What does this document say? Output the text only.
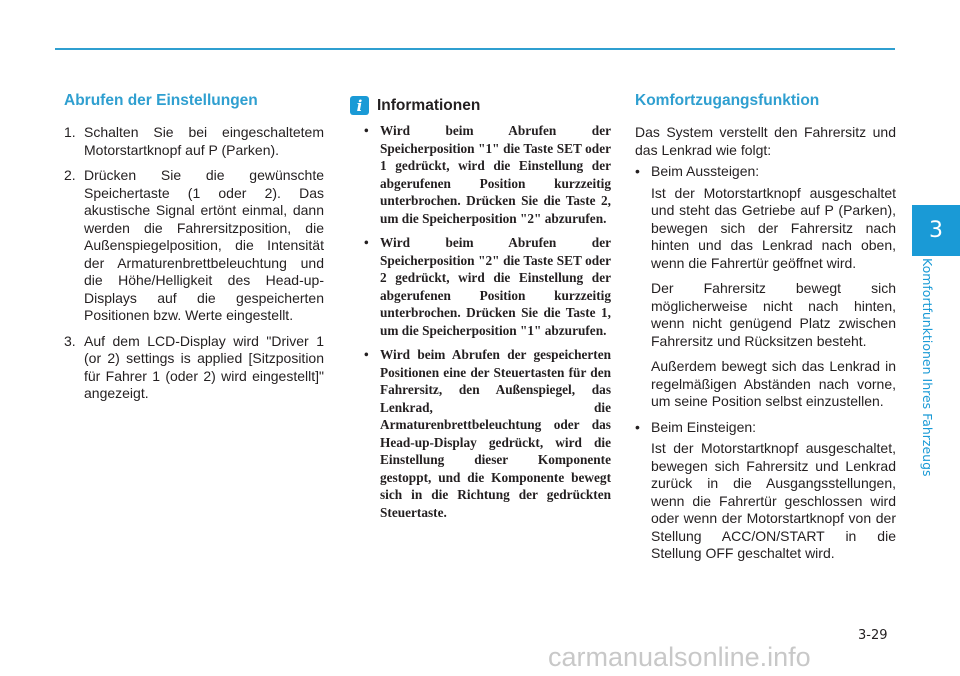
3
Komfortfunktionen Ihres Fahrzeugs
Abrufen der Einstellungen
1. Schalten Sie bei eingeschaltetem Motorstartknopf auf P (Parken).
2. Drücken Sie die gewünschte Speichertaste (1 oder 2). Das akustische Signal ertönt einmal, dann werden die Fahrersitzposition, die Außenspiegelposition, die Intensität der Armaturenbrettbeleuchtung und die Höhe/Helligkeit des Head-up-Displays auf die gespeicherten Positionen bzw. Werte eingestellt.
3. Auf dem LCD-Display wird "Driver 1 (or 2) settings is applied [Sitzposition für Fahrer 1 (oder 2) wird eingestellt]" angezeigt.
i Informationen
• Wird beim Abrufen der Speicherposition "1" die Taste SET oder 1 gedrückt, wird die Einstellung der abgerufenen Position kurzzeitig unterbrochen. Drücken Sie die Taste 2, um die Speicherposition "2" abzurufen.
• Wird beim Abrufen der Speicherposition "2" die Taste SET oder 2 gedrückt, wird die Einstellung der abgerufenen Position kurzzeitig unterbrochen. Drücken Sie die Taste 1, um die Speicherposition "1" abzurufen.
• Wird beim Abrufen der gespeicherten Positionen eine der Steuertasten für den Fahrersitz, den Außenspiegel, das Lenkrad, die Armaturenbrettbeleuchtung oder das Head-up-Display gedrückt, wird die Einstellung dieser Komponente gestoppt, und die Komponente bewegt sich in die Richtung der gedrückten Steuertaste.
Komfortzugangsfunktion

Das System verstellt den Fahrersitz und das Lenkrad wie folgt:

• Beim Aussteigen:

Ist der Motorstartknopf ausgeschaltet und steht das Getriebe auf P (Parken), bewegen sich der Fahrersitz nach hinten und das Lenkrad nach oben, wenn die Fahrertür geöffnet wird.

Der Fahrersitz bewegt sich möglicherweise nicht nach hinten, wenn nicht genügend Platz zwischen Fahrersitz und Rücksitzen besteht.

Außerdem bewegt sich das Lenkrad in regelmäßigen Abständen nach vorne, um seine Position selbst einzustellen.

• Beim Einsteigen:

Ist der Motorstartknopf ausgeschaltet, bewegen sich Fahrersitz und Lenkrad zurück in die Ausgangsstellungen, wenn die Fahrertür geschlossen wird oder wenn der Motorstartknopf von der Stellung ACC/ON/START in die Stellung OFF geschaltet wird.

3-29
carmanualsonline.info
